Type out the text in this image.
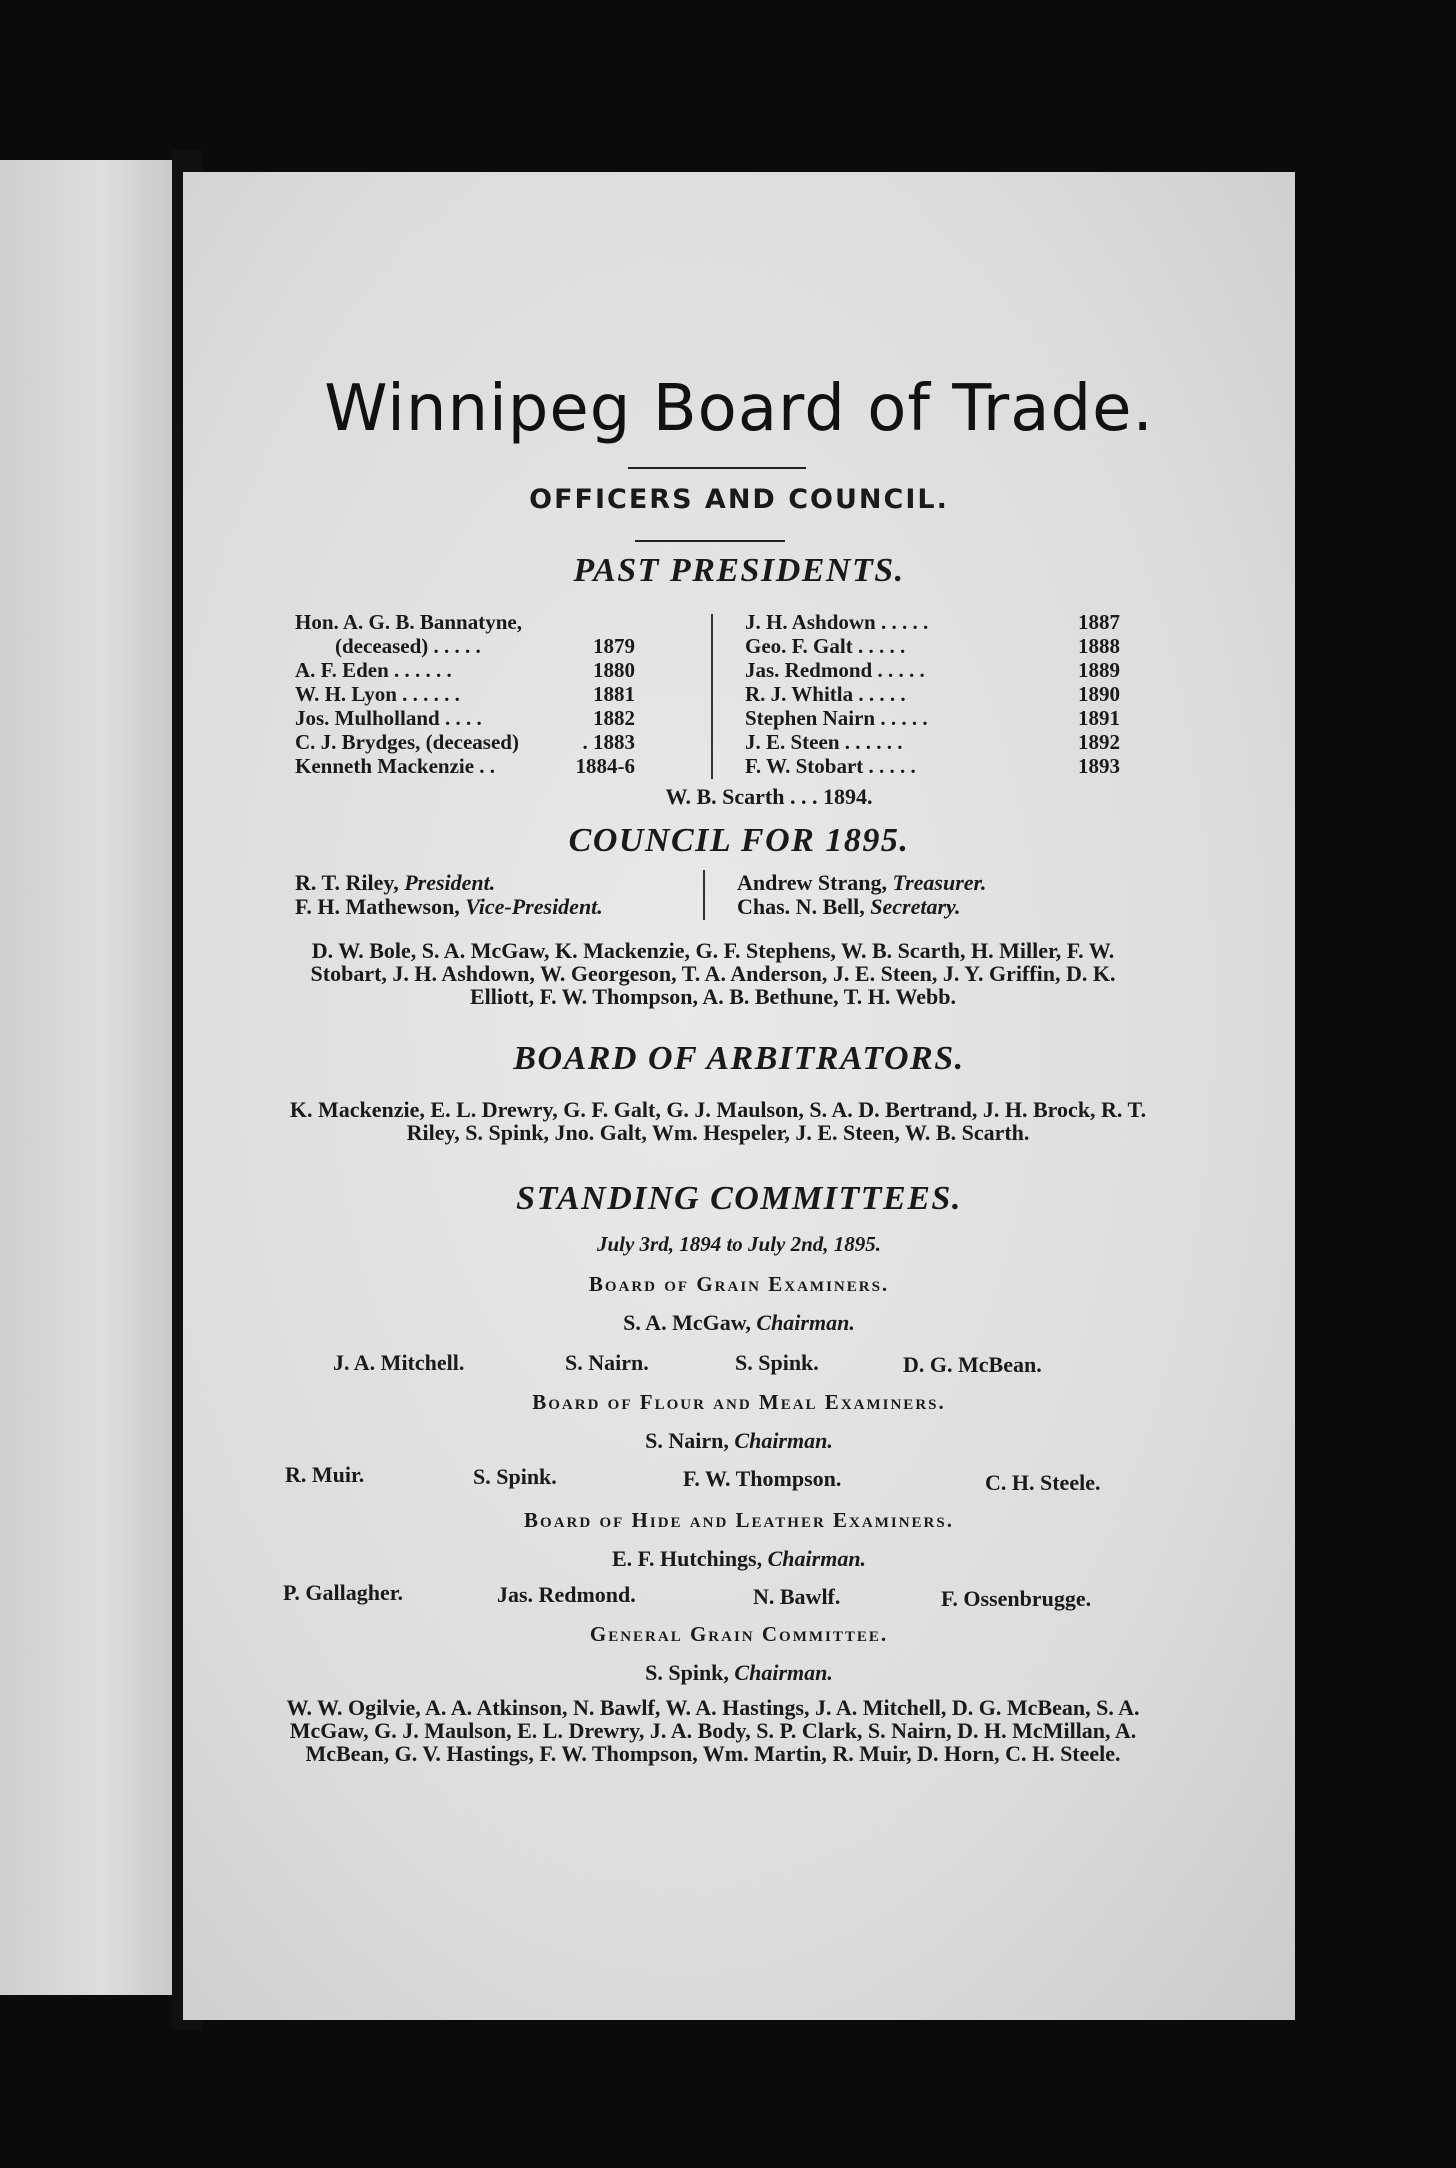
Winnipeg Board of Trade.
OFFICERS AND COUNCIL.
PAST PRESIDENTS.
Hon. A. G. B. Bannatyne,
(deceased) . . . . .	1879
A. F. Eden . . . . . .	1880
W. H. Lyon . . . . . .	1881
Jos. Mulholland . . . .	1882
C. J. Brydges, (deceased)	. 1883
Kenneth Mackenzie . .	1884-6
J. H. Ashdown . . . . .	1887
Geo. F. Galt . . . . .	1888
Jas. Redmond . . . . .	1889
R. J. Whitla . . . . .	1890
Stephen Nairn . . . . .	1891
J. E. Steen . . . . . .	1892
F. W. Stobart . . . . .	1893
W. B. Scarth . . . 1894.
COUNCIL FOR 1895.
R. T. Riley, President.
F. H. Mathewson, Vice-President.
Andrew Strang, Treasurer.
Chas. N. Bell, Secretary.
D. W. Bole, S. A. McGaw, K. Mackenzie, G. F. Stephens, W. B. Scarth, H. Miller, F. W. Stobart, J. H. Ashdown, W. Georgeson, T. A. Anderson, J. E. Steen, J. Y. Griffin, D. K. Elliott, F. W. Thompson, A. B. Bethune, T. H. Webb.
BOARD OF ARBITRATORS.
K. Mackenzie, E. L. Drewry, G. F. Galt, G. J. Maulson, S. A. D. Bertrand, J. H. Brock, R. T. Riley, S. Spink, Jno. Galt, Wm. Hespeler, J. E. Steen, W. B. Scarth.
STANDING COMMITTEES.
July 3rd, 1894 to July 2nd, 1895.
Board of Grain Examiners.
S. A. McGaw, Chairman.
J. A. Mitchell.	S. Nairn.	S. Spink.	D. G. McBean.
Board of Flour and Meal Examiners.
S. Nairn, Chairman.
R. Muir.	S. Spink.	F. W. Thompson.	C. H. Steele.
Board of Hide and Leather Examiners.
E. F. Hutchings, Chairman.
P. Gallagher.	Jas. Redmond.	N. Bawlf.	F. Ossenbrugge.
General Grain Committee.
S. Spink, Chairman.
W. W. Ogilvie, A. A. Atkinson, N. Bawlf, W. A. Hastings, J. A. Mitchell, D. G. McBean, S. A. McGaw, G. J. Maulson, E. L. Drewry, J. A. Body, S. P. Clark, S. Nairn, D. H. McMillan, A. McBean, G. V. Hastings, F. W. Thompson, Wm. Martin, R. Muir, D. Horn, C. H. Steele.
